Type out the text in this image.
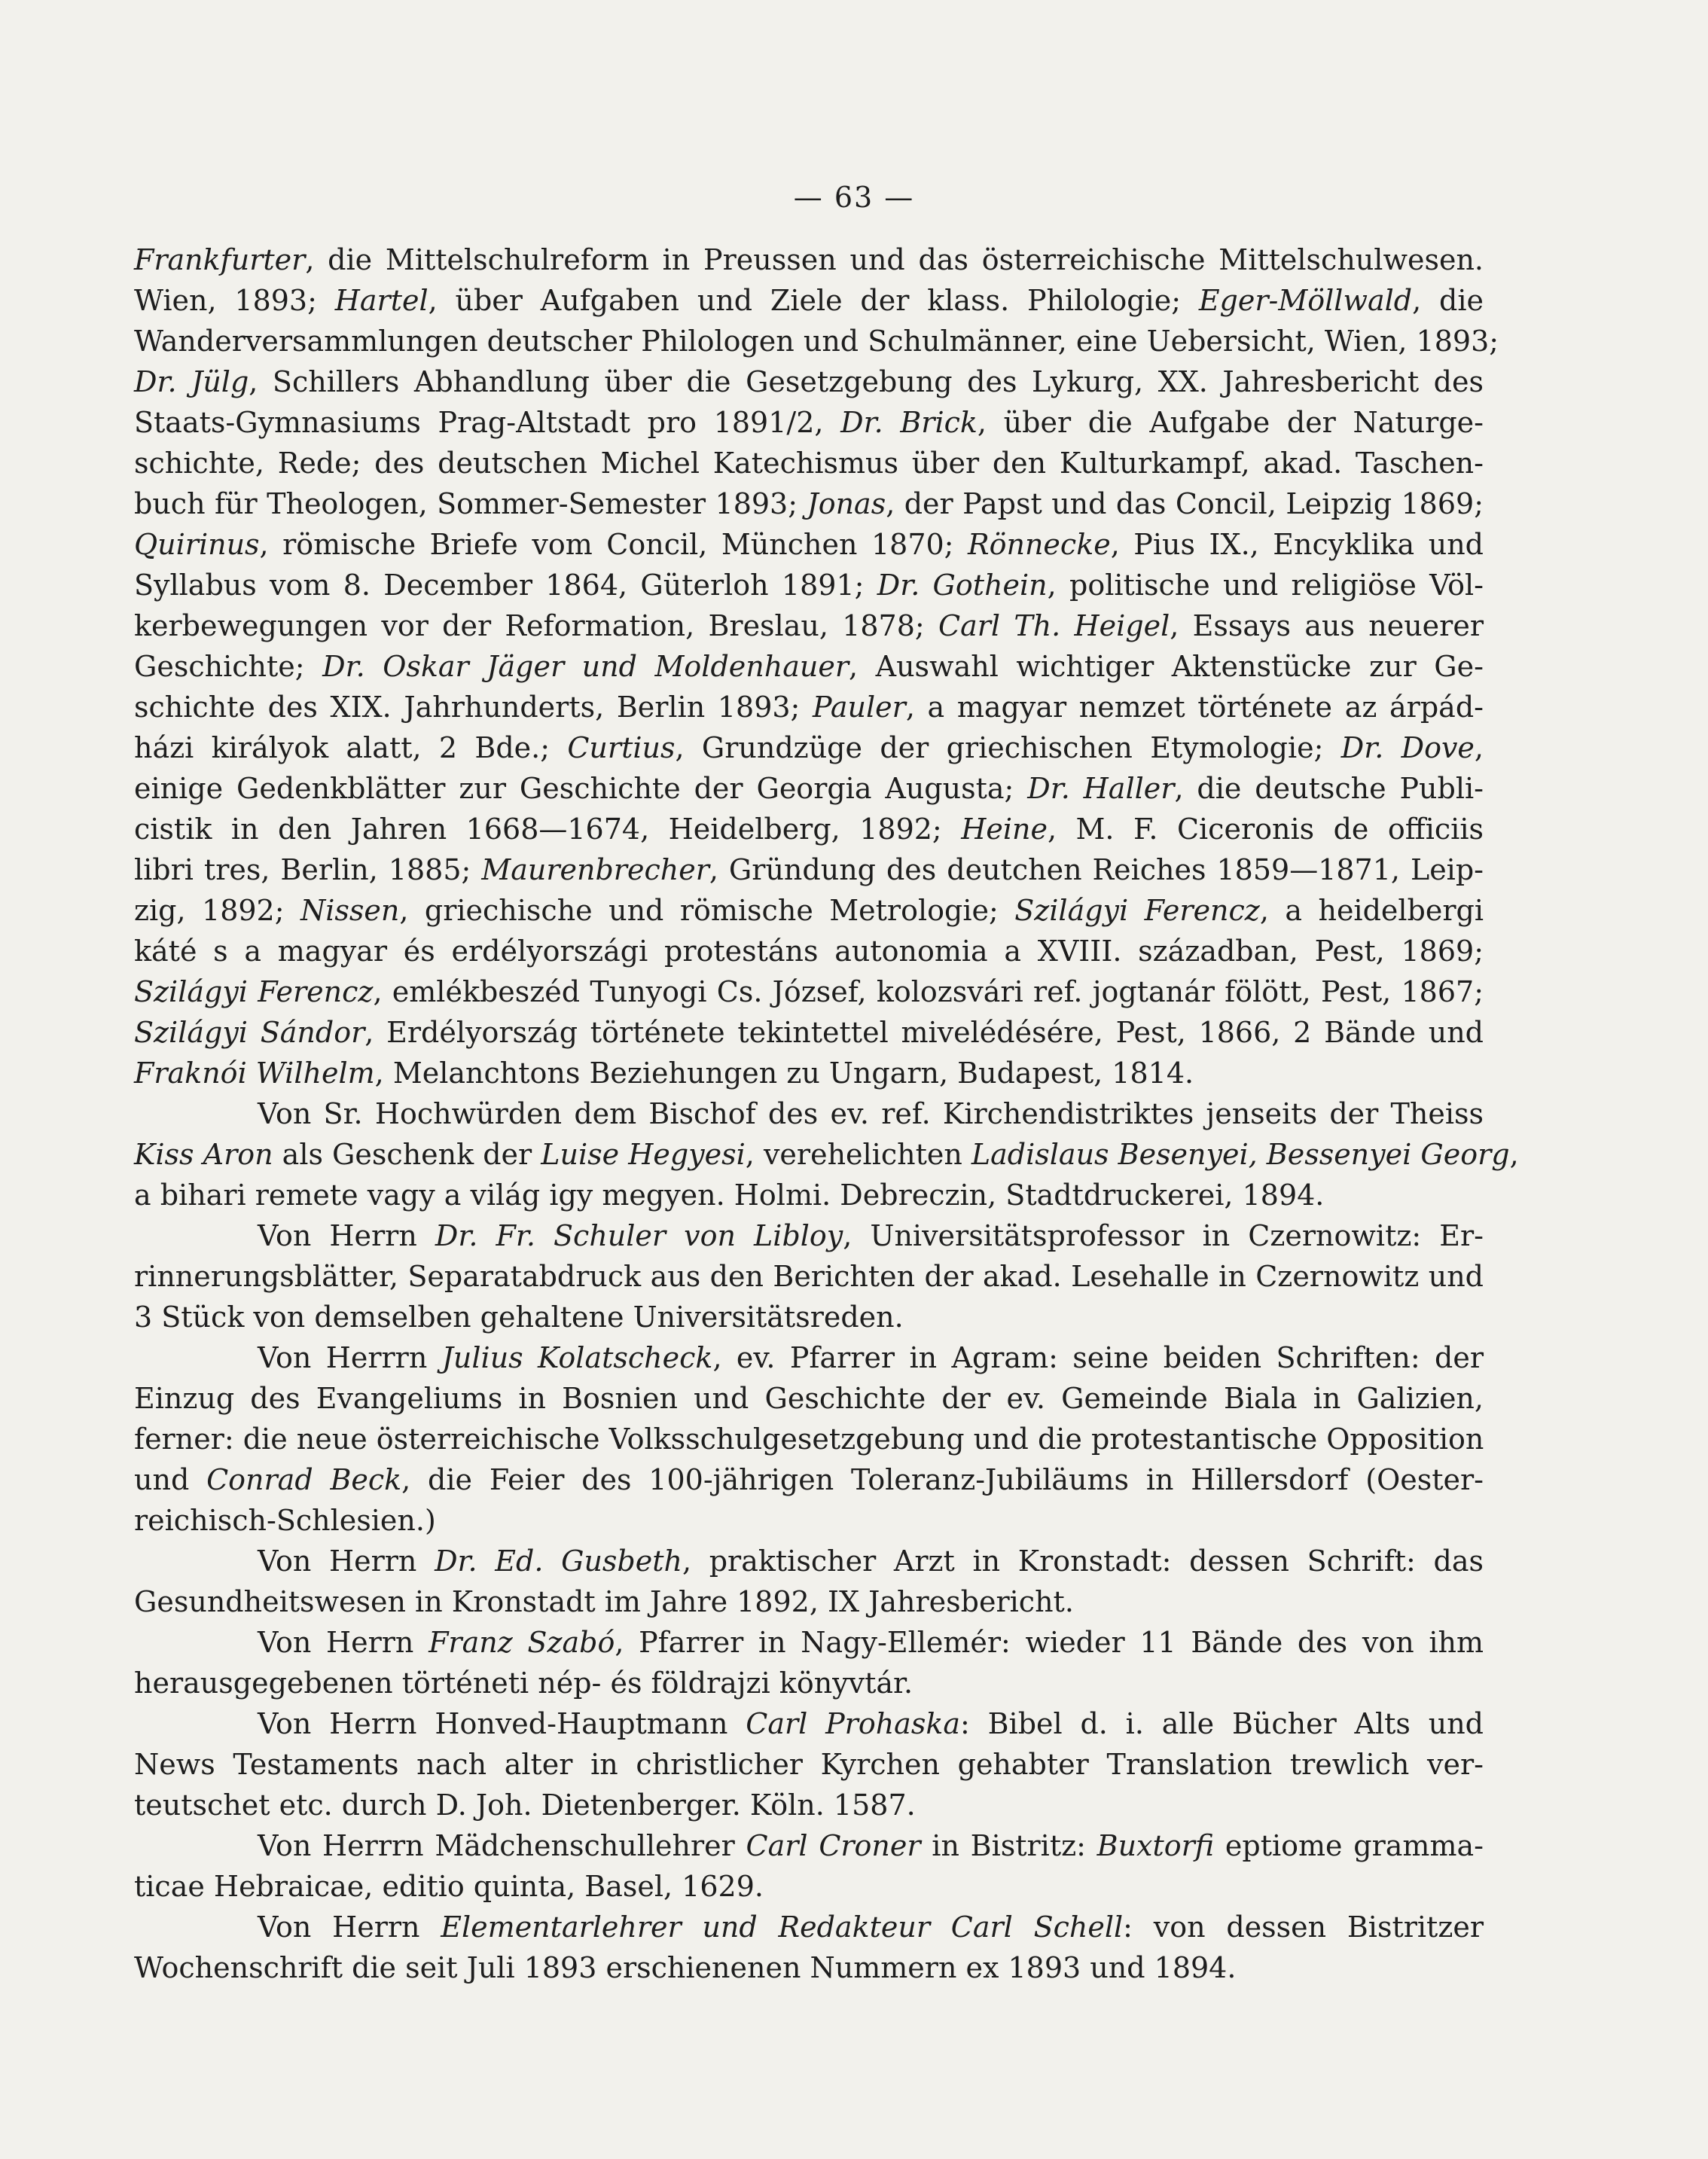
— 63 —
Frankfurter, die Mittelschulreform in Preussen und das österreichische Mittelschulwesen.
Wien, 1893; Hartel, über Aufgaben und Ziele der klass. Philologie; Eger-Möllwald, die
Wanderversammlungen deutscher Philologen und Schulmänner, eine Uebersicht, Wien, 1893;
Dr. Jülg, Schillers Abhandlung über die Gesetzgebung des Lykurg, XX. Jahresbericht des
Staats-Gymnasiums Prag-Altstadt pro 1891/2, Dr. Brick, über die Aufgabe der Naturge-
schichte, Rede; des deutschen Michel Katechismus über den Kulturkampf, akad. Taschen-
buch für Theologen, Sommer-Semester 1893; Jonas, der Papst und das Concil, Leipzig 1869;
Quirinus, römische Briefe vom Concil, München 1870; Rönnecke, Pius IX., Encyklika und
Syllabus vom 8. December 1864, Güterloh 1891; Dr. Gothein, politische und religiöse Völ-
kerbewegungen vor der Reformation, Breslau, 1878; Carl Th. Heigel, Essays aus neuerer
Geschichte; Dr. Oskar Jäger und Moldenhauer, Auswahl wichtiger Aktenstücke zur Ge-
schichte des XIX. Jahrhunderts, Berlin 1893; Pauler, a magyar nemzet története az árpád-
házi királyok alatt, 2 Bde.; Curtius, Grundzüge der griechischen Etymologie; Dr. Dove,
einige Gedenkblätter zur Geschichte der Georgia Augusta; Dr. Haller, die deutsche Publi-
cistik in den Jahren 1668—1674, Heidelberg, 1892; Heine, M. F. Ciceronis de officiis
libri tres, Berlin, 1885; Maurenbrecher, Gründung des deutchen Reiches 1859—1871, Leip-
zig, 1892; Nissen, griechische und römische Metrologie; Szilágyi Ferencz, a heidelbergi
káté s a magyar és erdélyországi protestáns autonomia a XVIII. században, Pest, 1869;
Szilágyi Ferencz, emlékbeszéd Tunyogi Cs. József, kolozsvári ref. jogtanár fölött, Pest, 1867;
Szilágyi Sándor, Erdélyország története tekintettel mivelédésére, Pest, 1866, 2 Bände und
Fraknói Wilhelm, Melanchtons Beziehungen zu Ungarn, Budapest, 1814.
Von Sr. Hochwürden dem Bischof des ev. ref. Kirchendistriktes jenseits der Theiss
Kiss Aron als Geschenk der Luise Hegyesi, verehelichten Ladislaus Besenyei, Bessenyei Georg,
a bihari remete vagy a világ igy megyen. Holmi. Debreczin, Stadtdruckerei, 1894.
Von Herrn Dr. Fr. Schuler von Libloy, Universitätsprofessor in Czernowitz: Er-
rinnerungsblätter, Separatabdruck aus den Berichten der akad. Lesehalle in Czernowitz und
3 Stück von demselben gehaltene Universitätsreden.
Von Herrrn Julius Kolatscheck, ev. Pfarrer in Agram: seine beiden Schriften: der
Einzug des Evangeliums in Bosnien und Geschichte der ev. Gemeinde Biala in Galizien,
ferner: die neue österreichische Volksschulgesetzgebung und die protestantische Opposition
und Conrad Beck, die Feier des 100-jährigen Toleranz-Jubiläums in Hillersdorf (Oester-
reichisch-Schlesien.)
Von Herrn Dr. Ed. Gusbeth, praktischer Arzt in Kronstadt: dessen Schrift: das
Gesundheitswesen in Kronstadt im Jahre 1892, IX Jahresbericht.
Von Herrn Franz Szabó, Pfarrer in Nagy-Ellemér: wieder 11 Bände des von ihm
herausgegebenen történeti nép- és földrajzi könyvtár.
Von Herrn Honved-Hauptmann Carl Prohaska: Bibel d. i. alle Bücher Alts und
News Testaments nach alter in christlicher Kyrchen gehabter Translation trewlich ver-
teutschet etc. durch D. Joh. Dietenberger. Köln. 1587.
Von Herrrn Mädchenschullehrer Carl Croner in Bistritz: Buxtorfi eptiome gramma-
ticae Hebraicae, editio quinta, Basel, 1629.
Von Herrn Elementarlehrer und Redakteur Carl Schell: von dessen Bistritzer
Wochenschrift die seit Juli 1893 erschienenen Nummern ex 1893 und 1894.
